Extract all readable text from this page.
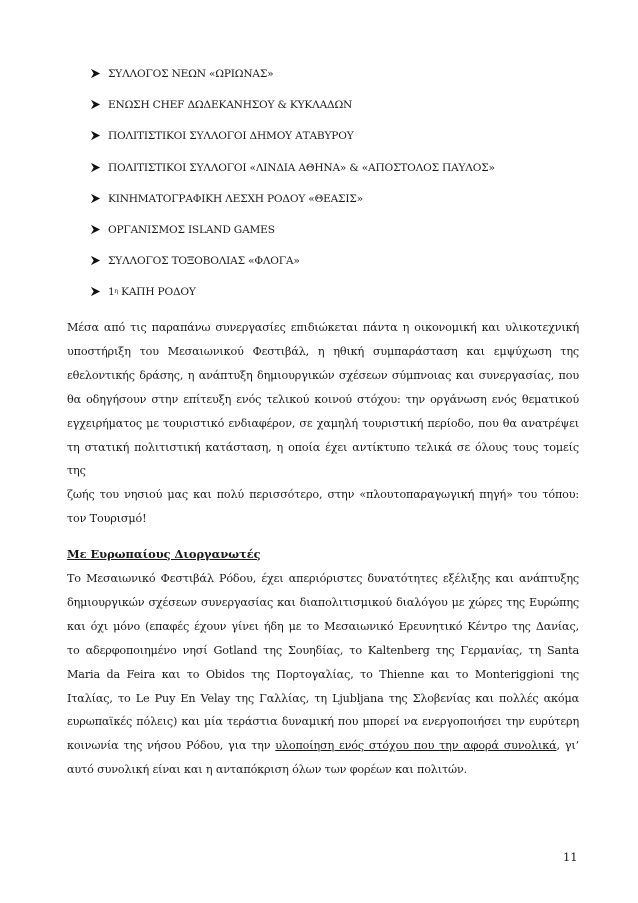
ΣΥΛΛΟΓΟΣ ΝΕΩΝ «ΩΡΙΩΝΑΣ»
ΕΝΩΣΗ CHEF ΔΩΔΕΚΑΝΗΣΟΥ & ΚΥΚΛΑΔΩΝ
ΠΟΛΙΤΙΣΤΙΚΟΙ ΣΥΛΛΟΓΟΙ ΔΗΜΟΥ ΑΤΑΒΥΡΟΥ
ΠΟΛΙΤΙΣΤΙΚΟΙ ΣΥΛΛΟΓΟΙ «ΛΙΝΔΙΑ ΑΘΗΝΑ» & «ΑΠΟΣΤΟΛΟΣ ΠΑΥΛΟΣ»
ΚΙΝΗΜΑΤΟΓΡΑΦΙΚΗ ΛΕΣΧΗ ΡΟΔΟΥ «ΘΕΑΣΙΣ»
ΟΡΓΑΝΙΣΜΟΣ ISLAND GAMES
ΣΥΛΛΟΓΟΣ ΤΟΞΟΒΟΛΙΑΣ «ΦΛΟΓΑ»
1 η ΚΑΠΗ ΡΟΔΟΥ
Μέσα από τις παραπάνω συνεργασίες επιδιώκεται πάντα η οικονομική και υλικοτεχνική
υποστήριξη του Μεσαιωνικού Φεστιβάλ, η ηθική συμπαράσταση και εμψύχωση της
εθελοντικής δράσης, η ανάπτυξη δημιουργικών σχέσεων σύμπνοιας και συνεργασίας, που
θα οδηγήσουν στην επίτευξη ενός τελικού κοινού στόχου: την οργάνωση ενός θεματικού
εγχειρήματος με τουριστικό ενδιαφέρον, σε χαμηλή τουριστική περίοδο, που θα ανατρέψει
τη στατική πολιτιστική κατάσταση, η οποία έχει αντίκτυπο τελικά σε όλους τους τομείς της
ζωής του νησιού μας και πολύ περισσότερο, στην «πλουτοπαραγωγική πηγή» του τόπου:
τον Τουρισμό!
Με Ευρωπαίους Διοργανωτές
Το Μεσαιωνικό Φεστιβάλ Ρόδου, έχει απεριόριστες δυνατότητες εξέλιξης και ανάπτυξης
δημιουργικών σχέσεων συνεργασίας και διαπολιτισμικού διαλόγου με χώρες της Ευρώπης
και όχι μόνο (επαφές έχουν γίνει ήδη με το Μεσαιωνικό Ερευνητικό Κέντρο της Δανίας,
το αδερφοποιημένο νησί Gotland της Σουηδίας, το Kaltenberg της Γερμανίας, τη Santa
Maria da Feira και το Obidos της Πορτογαλίας, το Thienne και το Monteriggioni της
Ιταλίας, το Le Puy En Velay της Γαλλίας, τη Ljubljana της Σλοβενίας και πολλές ακόμα
ευρωπαϊκές πόλεις) και μία τεράστια δυναμική που μπορεί να ενεργοποιήσει την ευρύτερη
κοινωνία της νήσου Ρόδου, για την υλοποίηση ενός στόχου που την αφορά συνολικά, γι’
αυτό συνολική είναι και η ανταπόκριση όλων των φορέων και πολιτών.
11
